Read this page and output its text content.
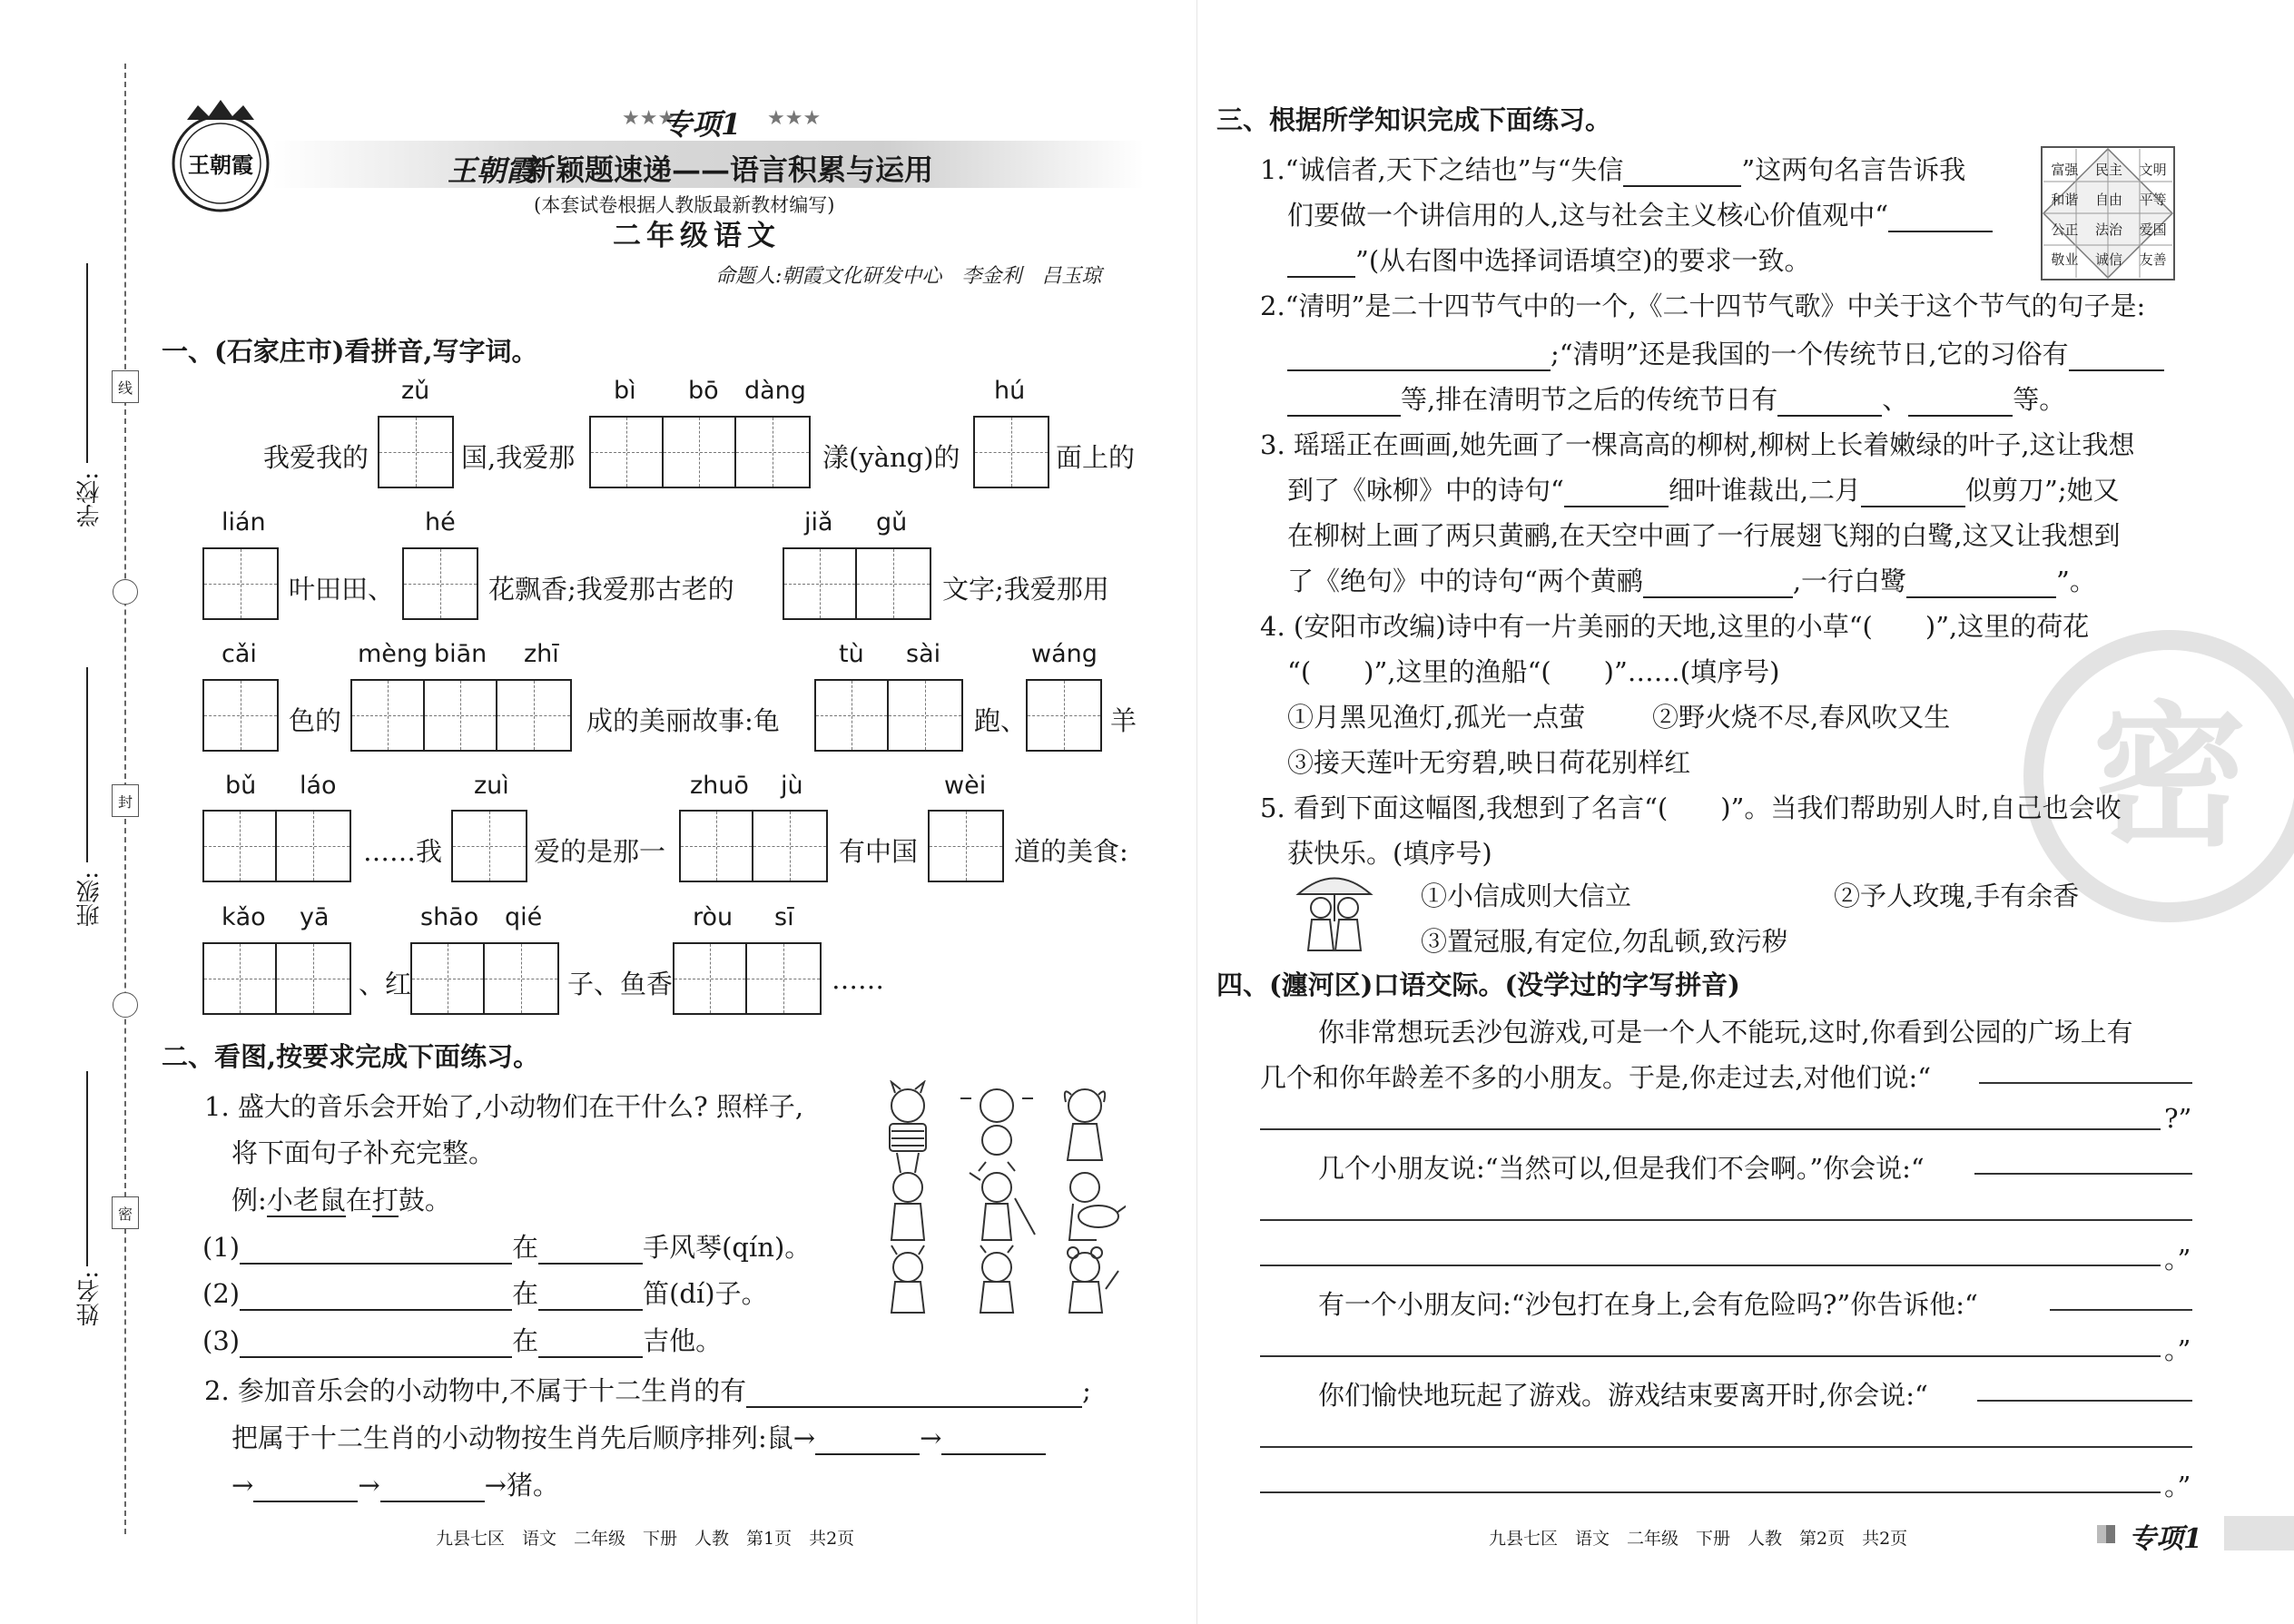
线
封
密
学校:
班级:
姓名:
王朝霞
★★★
专项1 ★★★
王朝霞
新颖题速递——语言积累与运用
(本套试卷根据人教版最新教材编写)
二年级语文
命题人:朝霞文化研发中心　李金利　吕玉琼
一、(石家庄市)看拼音,写字词。
zǔ	bì bō dàng	hú
我爱我的	国,我爱那	漾(yàng)的	面上的
lián	hé	jiǎ gǔ
叶田田、	花飘香;我爱那古老的	文字;我爱那用
cǎi	mèng biān zhī	tù sài	wáng
色的	成的美丽故事:龟	跑、	羊
bǔ láo	zuì	zhuō jù	wèi
……我	爱的是那一	有中国	道的美食:
kǎo yā	shāo qié	ròu sī
、红	子、鱼香	……
二、看图,按要求完成下面练习。
1. 盛大的音乐会开始了,小动物们在干什么? 照样子,
将下面句子补充完整。
例:小老鼠在打鼓。
(1)	在	手风琴(qín)。
(2)	在	笛(dí)子。
(3)	在	吉他。
2. 参加音乐会的小动物中,不属于十二生肖的有	;
把属于十二生肖的小动物按生肖先后顺序排列:鼠→	→
→	→	→猪。
九县七区　语文　二年级　下册　人教　第1页　共2页
密
三、根据所学知识完成下面练习。
1.“诚信者,天下之结也”与“失信	”这两句名言告诉我
们要做一个讲信用的人,这与社会主义核心价值观中“
”(从右图中选择词语填空)的要求一致。
富强	民主	文明
和谐	自由	平等
公正	法治	爱国
敬业	诚信	友善
2.“清明”是二十四节气中的一个,《二十四节气歌》中关于这个节气的句子是:
;“清明”还是我国的一个传统节日,它的习俗有
等,排在清明节之后的传统节日有	、	等。
3. 瑶瑶正在画画,她先画了一棵高高的柳树,柳树上长着嫩绿的叶子,这让我想
到了《咏柳》中的诗句“	细叶谁裁出,二月	似剪刀”;她又
在柳树上画了两只黄鹂,在天空中画了一行展翅飞翔的白鹭,这又让我想到
了《绝句》中的诗句“两个黄鹂	,一行白鹭	”。
4. (安阳市改编)诗中有一片美丽的天地,这里的小草“(　　)”,这里的荷花
“(　　)”,这里的渔船“(　　)”……(填序号)
①月黑见渔灯,孤光一点萤	②野火烧不尽,春风吹又生
③接天莲叶无穷碧,映日荷花别样红
5. 看到下面这幅图,我想到了名言“(　　)”。当我们帮助别人时,自己也会收
获快乐。(填序号)
①小信成则大信立	②予人玫瑰,手有余香
③置冠服,有定位,勿乱顿,致污秽
四、(瀍河区)口语交际。(没学过的字写拼音)
你非常想玩丢沙包游戏,可是一个人不能玩,这时,你看到公园的广场上有
几个和你年龄差不多的小朋友。于是,你走过去,对他们说:“
?”
几个小朋友说:“当然可以,但是我们不会啊。”你会说:“
。”
有一个小朋友问:“沙包打在身上,会有危险吗?”你告诉他:“
。”
你们愉快地玩起了游戏。游戏结束要离开时,你会说:“
。”
九县七区　语文　二年级　下册　人教　第2页　共2页	专项1
